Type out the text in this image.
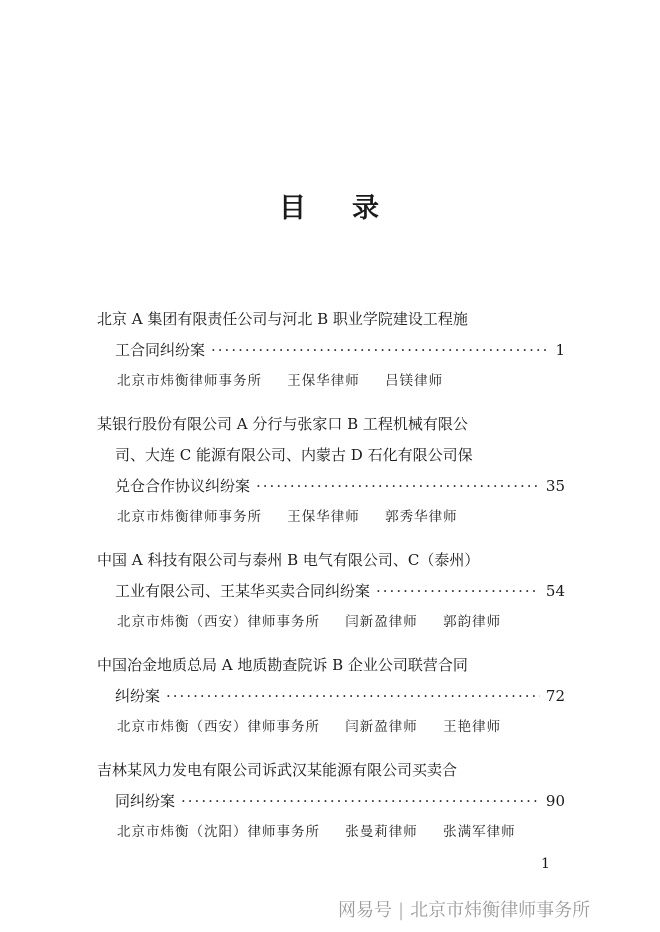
目 录
北京 A 集团有限责任公司与河北 B 职业学院建设工程施
工合同纠纷案 ·····	1
北京市炜衡律师事务所 王保华律师 吕镁律师
某银行股份有限公司 A 分行与张家口 B 工程机械有限公
司、大连 C 能源有限公司、内蒙古 D 石化有限公司保
兑仓合作协议纠纷案 ·····	35
北京市炜衡律师事务所 王保华律师 郭秀华律师
中国 A 科技有限公司与泰州 B 电气有限公司、C（泰州）
工业有限公司、王某华买卖合同纠纷案 ·····	54
北京市炜衡（西安）律师事务所 闫新盈律师 郭韵律师
中国冶金地质总局 A 地质勘查院诉 B 企业公司联营合同
纠纷案 ·····	72
北京市炜衡（西安）律师事务所 闫新盈律师 王艳律师
吉林某风力发电有限公司诉武汉某能源有限公司买卖合
同纠纷案 ·····	90
北京市炜衡（沈阳）律师事务所 张曼莉律师 张满军律师
1
网易号 | 北京市炜衡律师事务所
